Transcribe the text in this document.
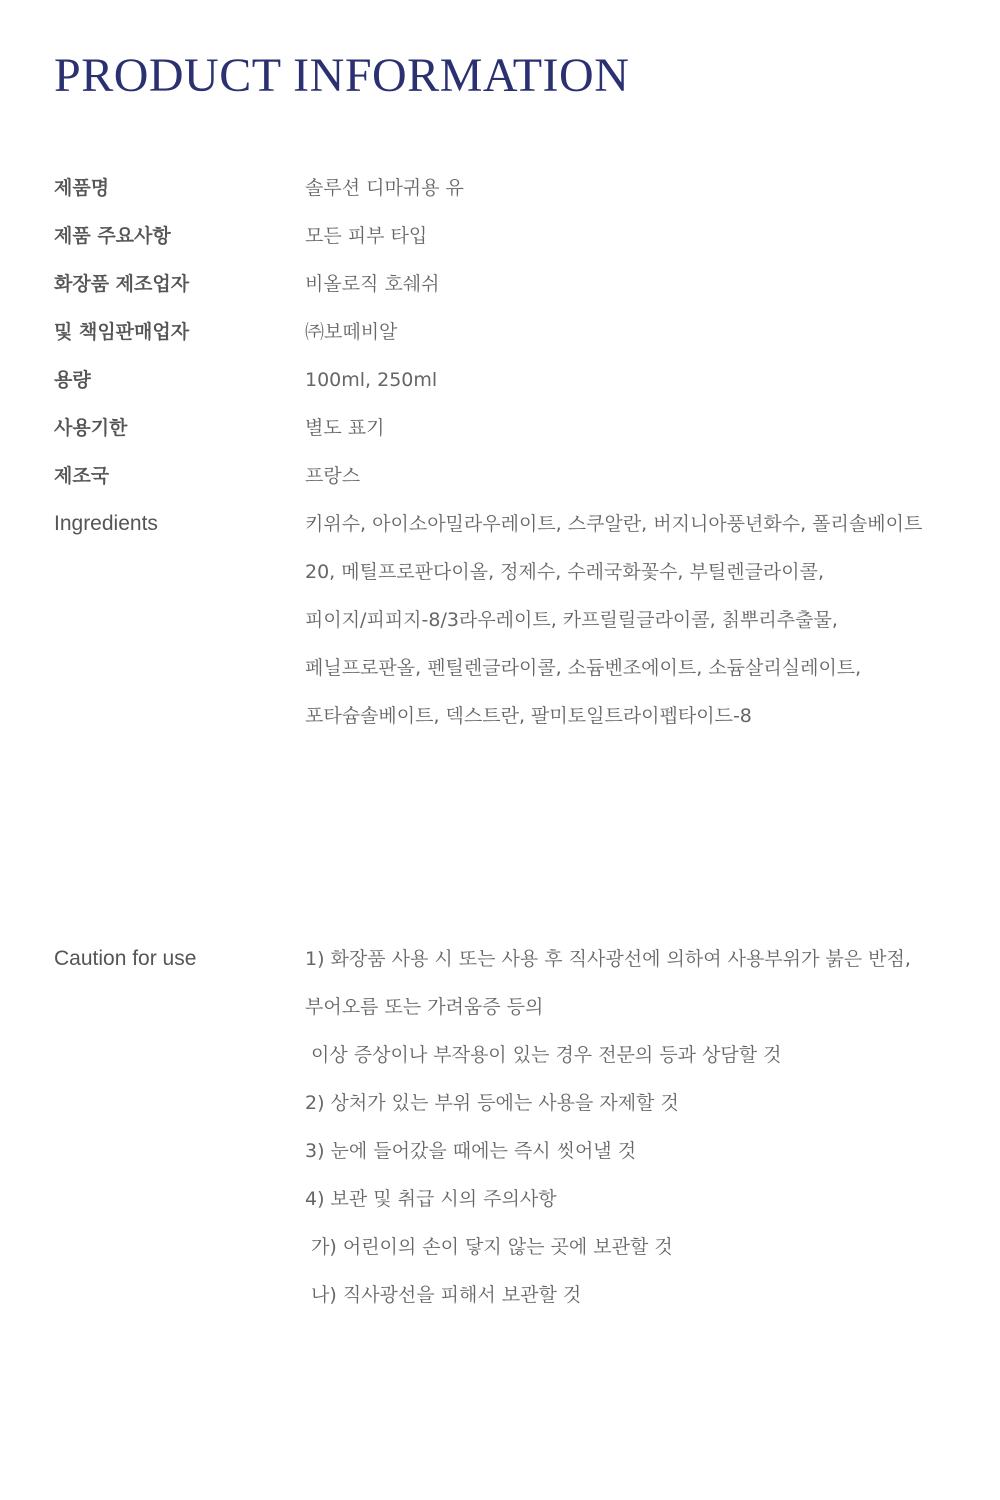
PRODUCT INFORMATION
제품명	솔루션 디마귀용 유
제품 주요사항	모든 피부 타입
화장품 제조업자	비올로직 호쉐쉬
및 책임판매업자	㈜보떼비알
용량	100ml, 250ml
사용기한	별도 표기
제조국	프랑스
Ingredients	키위수, 아이소아밀라우레이트, 스쿠알란, 버지니아풍년화수, 폴리솔베이트
20, 메틸프로판다이올, 정제수, 수레국화꽃수, 부틸렌글라이콜,
피이지/피피지-8/3라우레이트, 카프릴릴글라이콜, 칡뿌리추출물,
페닐프로판올, 펜틸렌글라이콜, 소듐벤조에이트, 소듐살리실레이트,
포타슘솔베이트, 덱스트란, 팔미토일트라이펩타이드-8
Caution for use	1) 화장품 사용 시 또는 사용 후 직사광선에 의하여 사용부위가 붉은 반점,
부어오름 또는 가려움증 등의
이상 증상이나 부작용이 있는 경우 전문의 등과 상담할 것
2) 상처가 있는 부위 등에는 사용을 자제할 것
3) 눈에 들어갔을 때에는 즉시 씻어낼 것
4) 보관 및 취급 시의 주의사항
가) 어린이의 손이 닿지 않는 곳에 보관할 것
나) 직사광선을 피해서 보관할 것
